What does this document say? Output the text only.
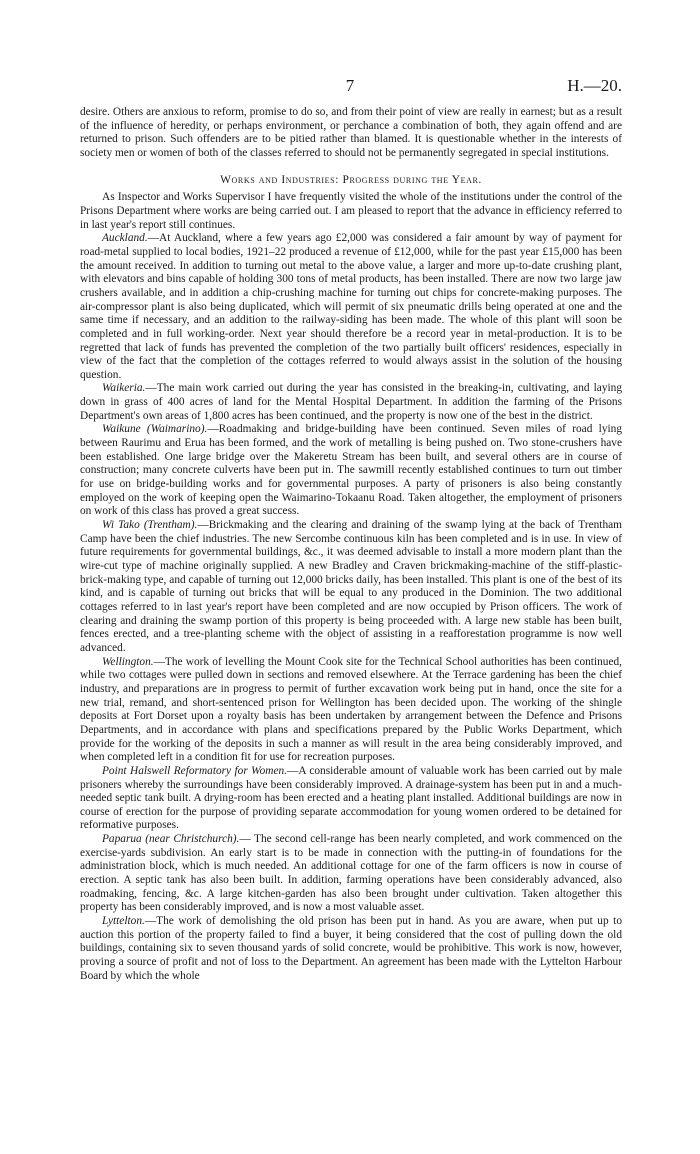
7	H.—20.

desire. Others are anxious to reform, promise to do so, and from their point of view are really in earnest; but as a result of the influence of heredity, or perhaps environment, or perchance a combination of both, they again offend and are returned to prison. Such offenders are to be pitied rather than blamed. It is questionable whether in the interests of society men or women of both of the classes referred to should not be permanently segregated in special institutions.

Works and Industries: Progress during the Year.

As Inspector and Works Supervisor I have frequently visited the whole of the institutions under the control of the Prisons Department where works are being carried out. I am pleased to report that the advance in efficiency referred to in last year's report still continues.

Auckland.—At Auckland, where a few years ago £2,000 was considered a fair amount by way of payment for road-metal supplied to local bodies, 1921–22 produced a revenue of £12,000, while for the past year £15,000 has been the amount received. In addition to turning out metal to the above value, a larger and more up-to-date crushing plant, with elevators and bins capable of holding 300 tons of metal products, has been installed. There are now two large jaw crushers available, and in addition a chip-crushing machine for turning out chips for concrete-making purposes. The air-compressor plant is also being duplicated, which will permit of six pneumatic drills being operated at one and the same time if necessary, and an addition to the railway-siding has been made. The whole of this plant will soon be completed and in full working-order. Next year should therefore be a record year in metal-production. It is to be regretted that lack of funds has prevented the completion of the two partially built officers' residences, especially in view of the fact that the completion of the cottages referred to would always assist in the solution of the housing question.

Waikeria.—The main work carried out during the year has consisted in the breaking-in, cultivating, and laying down in grass of 400 acres of land for the Mental Hospital Department. In addition the farming of the Prisons Department's own areas of 1,800 acres has been continued, and the property is now one of the best in the district.

Waikune (Waimarino).—Roadmaking and bridge-building have been continued. Seven miles of road lying between Raurimu and Erua has been formed, and the work of metalling is being pushed on. Two stone-crushers have been established. One large bridge over the Makeretu Stream has been built, and several others are in course of construction; many concrete culverts have been put in. The sawmill recently established continues to turn out timber for use on bridge-building works and for governmental purposes. A party of prisoners is also being constantly employed on the work of keeping open the Waimarino-Tokaanu Road. Taken altogether, the employment of prisoners on work of this class has proved a great success.

Wi Tako (Trentham).—Brickmaking and the clearing and draining of the swamp lying at the back of Trentham Camp have been the chief industries. The new Sercombe continuous kiln has been completed and is in use. In view of future requirements for governmental buildings, &c., it was deemed advisable to install a more modern plant than the wire-cut type of machine originally supplied. A new Bradley and Craven brickmaking-machine of the stiff-plastic-brick-making type, and capable of turning out 12,000 bricks daily, has been installed. This plant is one of the best of its kind, and is capable of turning out bricks that will be equal to any produced in the Dominion. The two additional cottages referred to in last year's report have been completed and are now occupied by Prison officers. The work of clearing and draining the swamp portion of this property is being proceeded with. A large new stable has been built, fences erected, and a tree-planting scheme with the object of assisting in a reafforestation programme is now well advanced.

Wellington.—The work of levelling the Mount Cook site for the Technical School authorities has been continued, while two cottages were pulled down in sections and removed elsewhere. At the Terrace gardening has been the chief industry, and preparations are in progress to permit of further excavation work being put in hand, once the site for a new trial, remand, and short-sentenced prison for Wellington has been decided upon. The working of the shingle deposits at Fort Dorset upon a royalty basis has been undertaken by arrangement between the Defence and Prisons Departments, and in accordance with plans and specifications prepared by the Public Works Department, which provide for the working of the deposits in such a manner as will result in the area being considerably improved, and when completed left in a condition fit for use for recreation purposes.

Point Halswell Reformatory for Women.—A considerable amount of valuable work has been carried out by male prisoners whereby the surroundings have been considerably improved. A drainage-system has been put in and a much-needed septic tank built. A drying-room has been erected and a heating plant installed. Additional buildings are now in course of erection for the purpose of providing separate accommodation for young women ordered to be detained for reformative purposes.

Paparua (near Christchurch).— The second cell-range has been nearly completed, and work commenced on the exercise-yards subdivision. An early start is to be made in connection with the putting-in of foundations for the administration block, which is much needed. An additional cottage for one of the farm officers is now in course of erection. A septic tank has also been built. In addition, farming operations have been considerably advanced, also roadmaking, fencing, &c. A large kitchen-garden has also been brought under cultivation. Taken altogether this property has been considerably improved, and is now a most valuable asset.

Lyttelton.—The work of demolishing the old prison has been put in hand. As you are aware, when put up to auction this portion of the property failed to find a buyer, it being considered that the cost of pulling down the old buildings, containing six to seven thousand yards of solid concrete, would be prohibitive. This work is now, however, proving a source of profit and not of loss to the Department. An agreement has been made with the Lyttelton Harbour Board by which the whole
